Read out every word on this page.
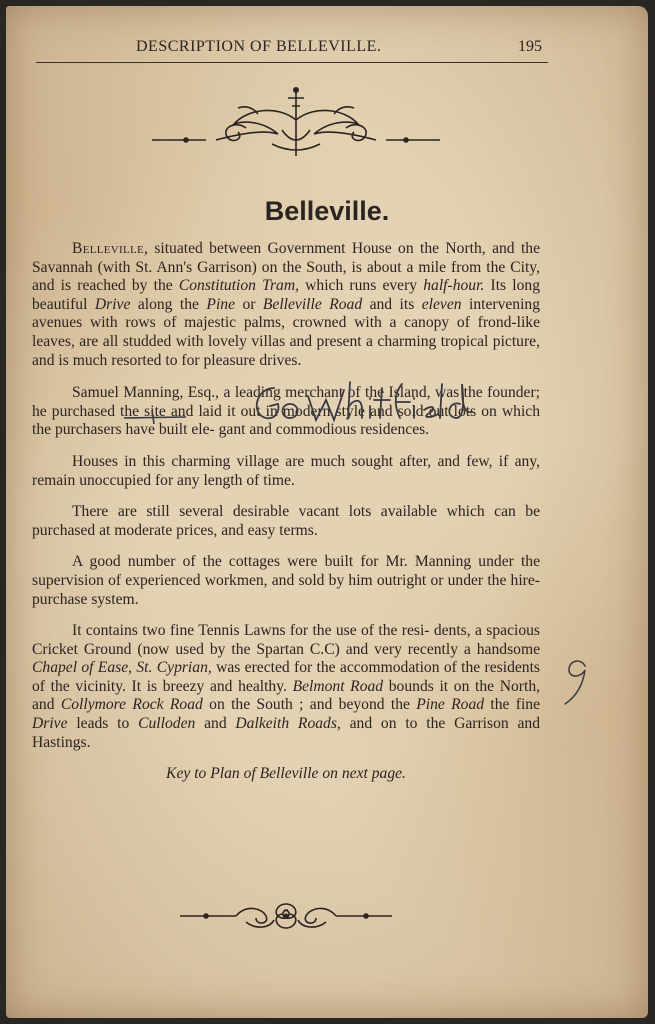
DESCRIPTION OF BELLEVILLE.	195
Belleville.

Belleville, situated between Government House on the North, and the Savannah (with St. Ann's Garrison) on the South, is about a mile from the City, and is reached by the Constitution Tram, which runs every half-hour. Its long beautiful Drive along the Pine or Belleville Road and its eleven intervening avenues with rows of majestic palms, crowned with a canopy of frond-like leaves, are all studded with lovely villas and present a charming tropical picture, and is much resorted to for pleasure drives.

Samuel Manning, Esq., a leading merchant of the Island, was the founder; he purchased the site and laid it out in modern style and sold out lots on which the purchasers have built ele- gant and commodious residences.

Houses in this charming village are much sought after, and few, if any, remain unoccupied for any length of time.

There are still several desirable vacant lots available which can be purchased at moderate prices, and easy terms.

A good number of the cottages were built for Mr. Manning under the supervision of experienced workmen, and sold by him outright or under the hire-purchase system.

It contains two fine Tennis Lawns for the use of the resi- dents, a spacious Cricket Ground (now used by the Spartan C.C) and very recently a handsome Chapel of Ease, St. Cyprian, was erected for the accommodation of the residents of the vicinity. It is breezy and healthy. Belmont Road bounds it on the North, and Collymore Rock Road on the South ; and beyond the Pine Road the fine Drive leads to Culloden and Dalkeith Roads, and on to the Garrison and Hastings.

Key to Plan of Belleville on next page.
